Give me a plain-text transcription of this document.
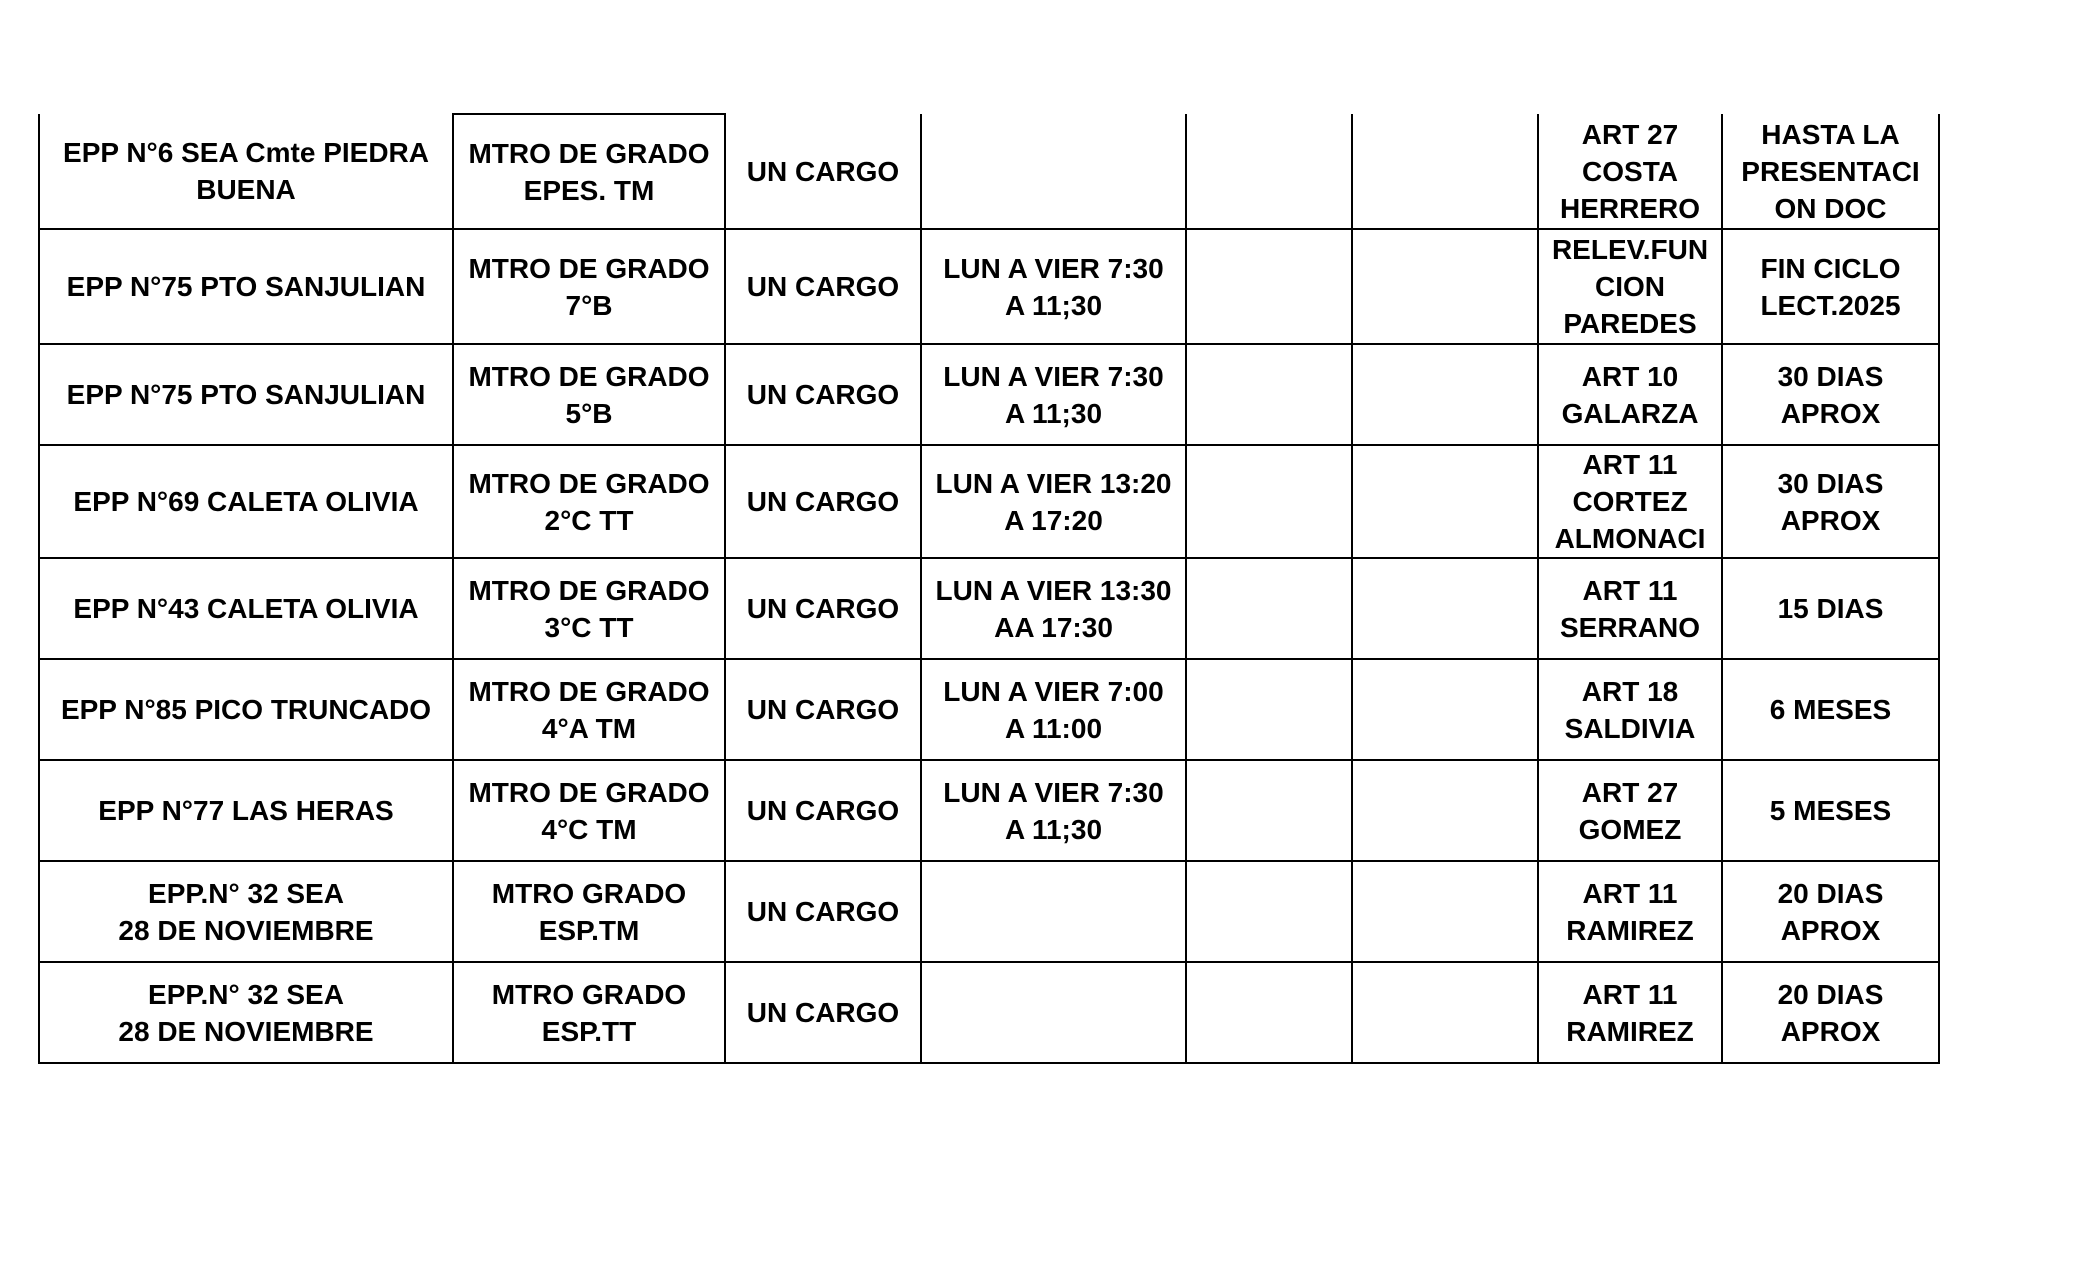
EPP N°6 SEA Cmte PIEDRA BUENA	MTRO DE GRADO EPES. TM	UN CARGO				ART 27
COSTA
HERRERO	HASTA LA
PRESENTACI
ON DOC
EPP N°75 PTO SANJULIAN	MTRO DE GRADO 7°B	UN CARGO	LUN A VIER 7:30
A 11;30			RELEV.FUN
CION
PAREDES	FIN CICLO
LECT.2025
EPP N°75 PTO SANJULIAN	MTRO DE GRADO 5°B	UN CARGO	LUN A VIER 7:30
A 11;30			ART 10
GALARZA	30 DIAS
APROX
EPP N°69 CALETA OLIVIA	MTRO DE GRADO 2°C TT	UN CARGO	LUN A VIER 13:20
A 17:20			ART 11
CORTEZ
ALMONACI	30 DIAS
APROX
EPP N°43 CALETA OLIVIA	MTRO DE GRADO 3°C TT	UN CARGO	LUN A VIER 13:30
AA 17:30			ART 11
SERRANO	15 DIAS
EPP N°85 PICO TRUNCADO	MTRO DE GRADO 4°A TM	UN CARGO	LUN A VIER 7:00
A 11:00			ART 18
SALDIVIA	6 MESES
EPP N°77 LAS HERAS	MTRO DE GRADO 4°C TM	UN CARGO	LUN A VIER 7:30
A 11;30			ART 27
GOMEZ	5 MESES
EPP.N° 32 SEA
28 DE NOVIEMBRE	MTRO GRADO
ESP.TM	UN CARGO				ART 11
RAMIREZ	20 DIAS
APROX
EPP.N° 32 SEA
28 DE NOVIEMBRE	MTRO GRADO
ESP.TT	UN CARGO				ART 11
RAMIREZ	20 DIAS
APROX
